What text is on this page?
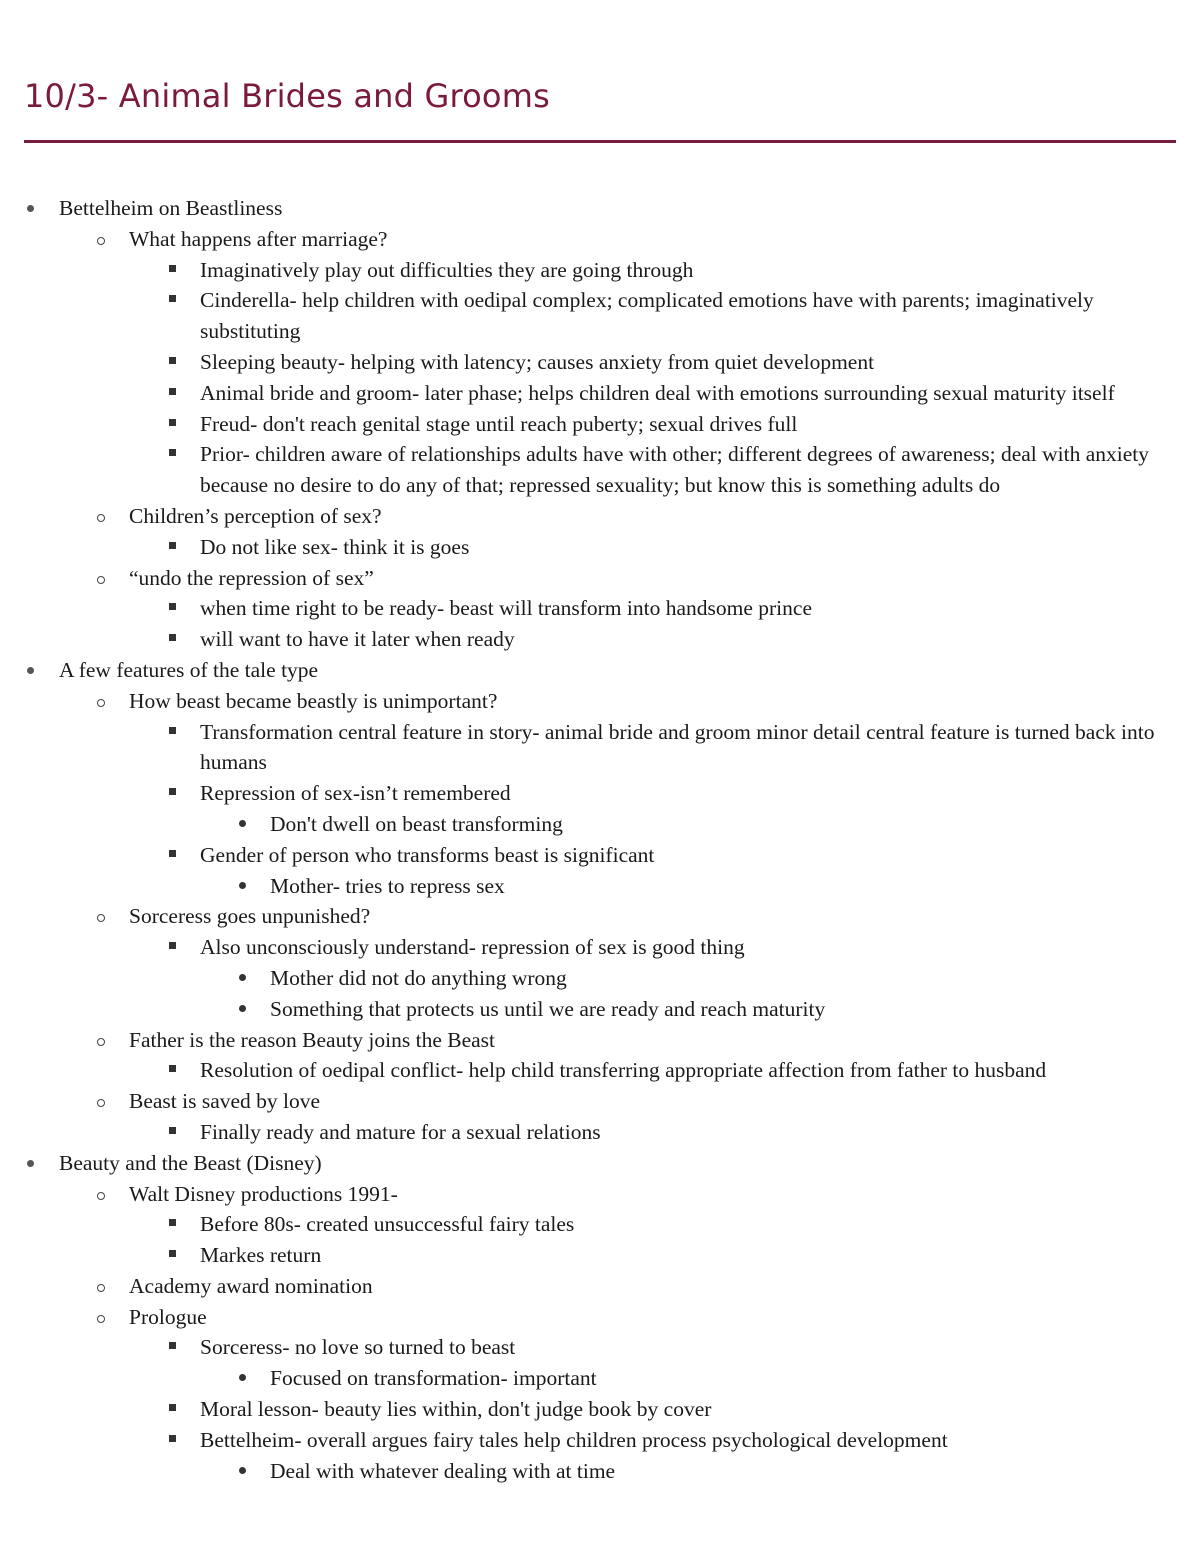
10/3- Animal Brides and Grooms
Bettelheim on Beastliness
What happens after marriage?
Imaginatively play out difficulties they are going through
Cinderella- help children with oedipal complex; complicated emotions have with parents; imaginatively substituting
Sleeping beauty- helping with latency; causes anxiety from quiet development
Animal bride and groom- later phase; helps children deal with emotions surrounding sexual maturity itself
Freud- don't reach genital stage until reach puberty; sexual drives full
Prior- children aware of relationships adults have with other; different degrees of awareness; deal with anxiety because no desire to do any of that; repressed sexuality; but know this is something adults do
Children’s perception of sex?
Do not like sex- think it is goes
“undo the repression of sex”
when time right to be ready- beast will transform into handsome prince
will want to have it later when ready
A few features of the tale type
How beast became beastly is unimportant?
Transformation central feature in story- animal bride and groom minor detail central feature is turned back into humans
Repression of sex-isn’t remembered
Don't dwell on beast transforming
Gender of person who transforms beast is significant
Mother- tries to repress sex
Sorceress goes unpunished?
Also unconsciously understand- repression of sex is good thing
Mother did not do anything wrong
Something that protects us until we are ready and reach maturity
Father is the reason Beauty joins the Beast
Resolution of oedipal conflict- help child transferring appropriate affection from father to husband
Beast is saved by love
Finally ready and mature for a sexual relations
Beauty and the Beast (Disney)
Walt Disney productions 1991-
Before 80s- created unsuccessful fairy tales
Markes return
Academy award nomination
Prologue
Sorceress- no love so turned to beast
Focused on transformation- important
Moral lesson- beauty lies within, don't judge book by cover
Bettelheim- overall argues fairy tales help children process psychological development
Deal with whatever dealing with at time
